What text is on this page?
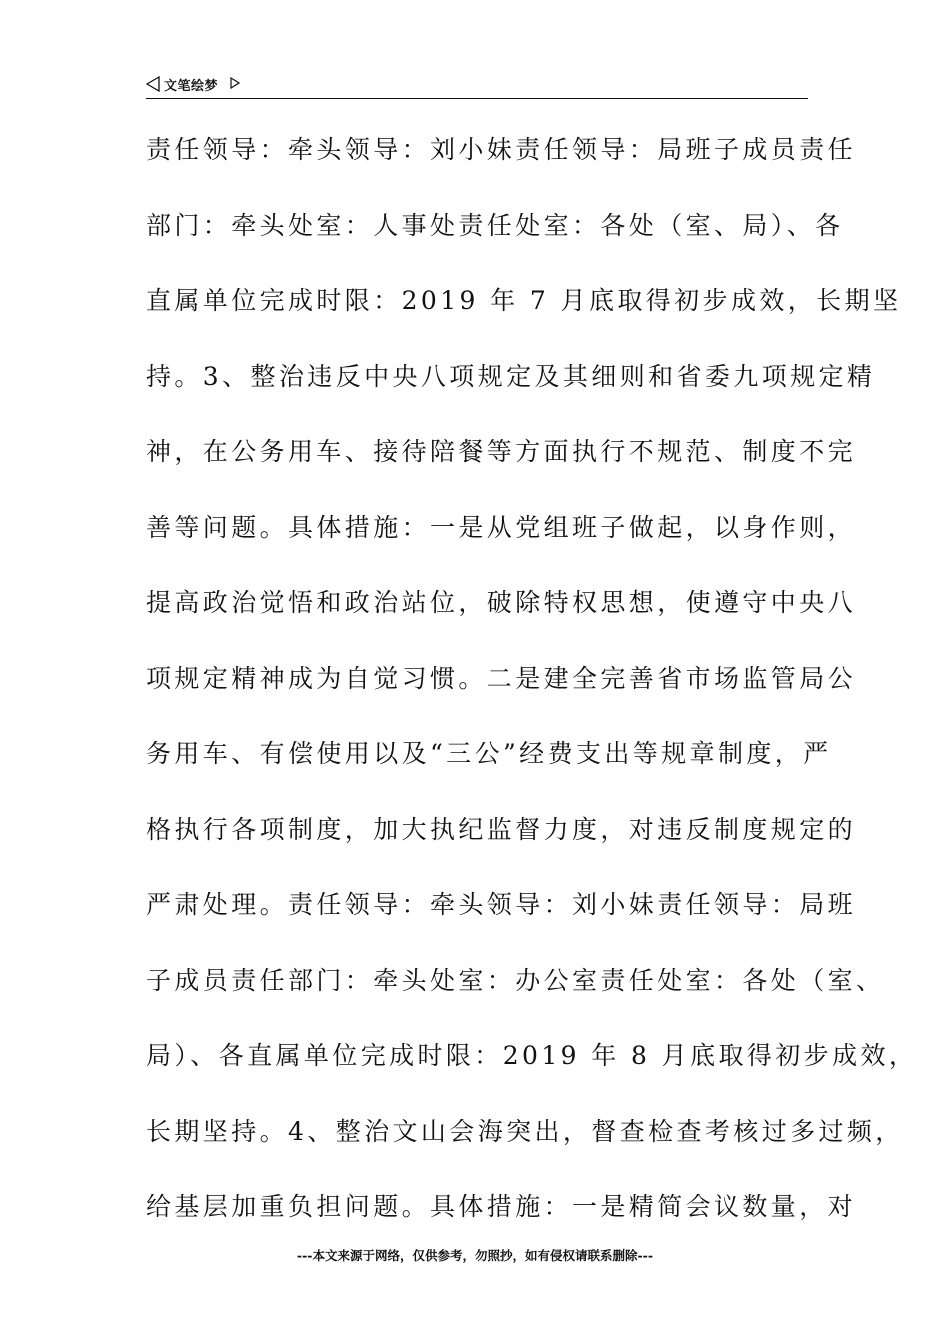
文笔绘梦
责任领导：牵头领导：刘小妹责任领导：局班子成员责任
部门：牵头处室：人事处责任处室：各处（室、局）、各
直属单位完成时限：2019 年 7 月底取得初步成效，长期坚
持。3、整治违反中央八项规定及其细则和省委九项规定精
神，在公务用车、接待陪餐等方面执行不规范、制度不完
善等问题。具体措施：一是从党组班子做起，以身作则，
提高政治觉悟和政治站位，破除特权思想，使遵守中央八
项规定精神成为自觉习惯。二是建全完善省市场监管局公
务用车、有偿使用以及“三公”经费支出等规章制度，严
格执行各项制度，加大执纪监督力度，对违反制度规定的
严肃处理。责任领导：牵头领导：刘小妹责任领导：局班
子成员责任部门：牵头处室：办公室责任处室：各处（室、
局）、各直属单位完成时限：2019 年 8 月底取得初步成效，
长期坚持。4、整治文山会海突出，督查检查考核过多过频，
给基层加重负担问题。具体措施：一是精简会议数量，对
---本文来源于网络，仅供参考，勿照抄，如有侵权请联系删除---
